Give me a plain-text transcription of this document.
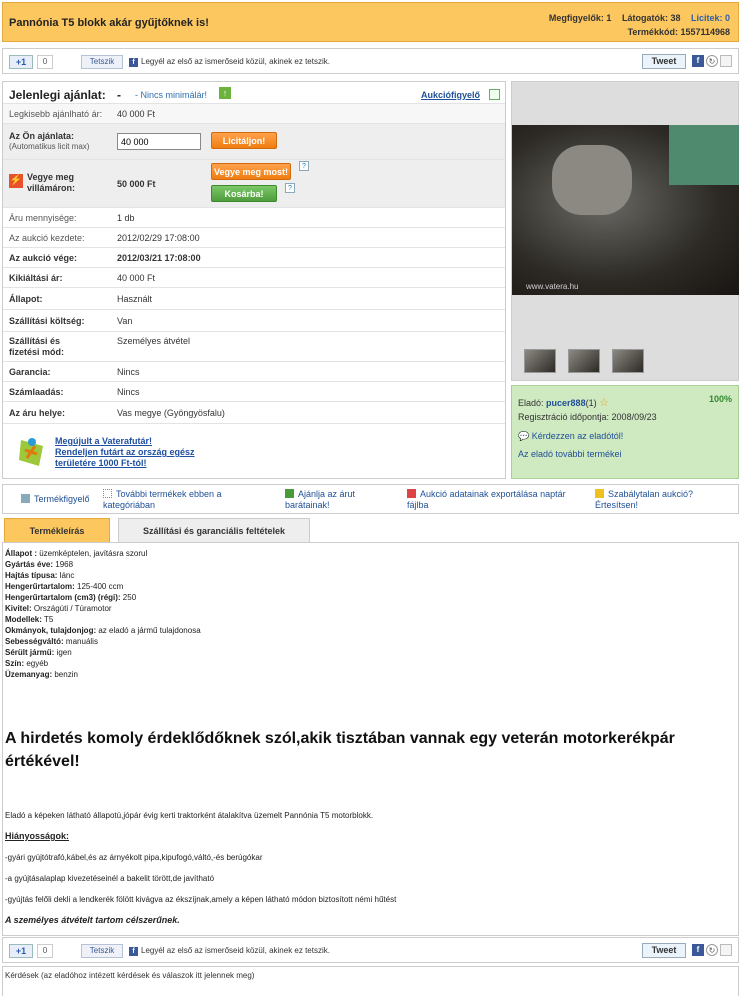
Pannónia T5 blokk akár gyűjtőknek is!	Megfigyelők: 1 Látogatók: 38 Licitek: 0
Termékkód: 1557114968
+1	0	Tetszik	f Legyél az első az ismerőseid közül, akinek ez tetszik.	Tweet	f	↻
Jelenlegi ajánlat: - - Nincs minimálár!	↑	Aukciófigyelő
Legkisebb ajánlható ár: 40 000 Ft
Az Ön ajánlata:
(Automatikus licit max)
40 000
Licitáljon!
Vegye meg villámáron:	50 000 Ft
⚡
Vegye meg most!
?
Kosárba!
?
Áru mennyisége:	1 db
Az aukció kezdete:	2012/02/29 17:08:00
Az aukció vége:	2012/03/21 17:08:00
Kikiáltási ár:	40 000 Ft
Állapot:	Használt
Szállítási költség:	Van
Szállítási és fizetési mód:
Személyes átvétel
Garancia:	Nincs
Számlaadás:	Nincs
Az áru helye:	Vas megye (Gyöngyösfalu)
Megújult a Vaterafutár!
Rendeljen futárt az ország egész
területére 1000 Ft-tól!
www.vatera.hu
Eladó: pucer888(1) ☆	100%
Regisztráció időpontja: 2008/09/23
💬 Kérdezzen az eladótól!
Az eladó további termékei
Termékfigyelő	További termékek ebben a kategóriában
Ajánlja az árut barátainak!
Aukció adatainak exportálása naptár fájlba
Szabálytalan aukció? Értesítsen!
Termékleírás	Szállítási és garanciális feltételek
Állapot : üzemképtelen, javításra szorul
Gyártás éve: 1968
Hajtás típusa: lánc
Hengerűrtartalom: 125-400 ccm
Hengerűrtartalom (cm3) (régi): 250
Kivitel: Országúti / Túramotor
Modellek: T5
Okmányok, tulajdonjog: az eladó a jármű tulajdonosa
Sebességváltó: manuális
Sérült jármű: igen
Szín: egyéb
Üzemanyag: benzin
A hirdetés komoly érdeklődőknek szól,akik tisztában vannak egy veterán motorkerékpár értékével!
Eladó a képeken látható állapotú,jópár évig kerti traktorként átalakítva üzemelt Pannónia T5 motorblokk.
Hiányosságok:
-gyári gyújtótrafó,kábel,és az árnyékolt pipa,kipufogó,váltó,-és berúgókar
-a gyújtásalaplap kivezetéseinél a bakelit törött,de javítható
-gyújtás felőli dekli a lendkerék fölött kivágva az ékszíjnak,amely a képen látható módon biztosított némi hűtést
A személyes átvételt tartom célszerűnek.
+1	0	Tetszik	f Legyél az első az ismerőseid közül, akinek ez tetszik.	Tweet	f	↻
Kérdések (az eladóhoz intézett kérdések és válaszok itt jelennek meg)
